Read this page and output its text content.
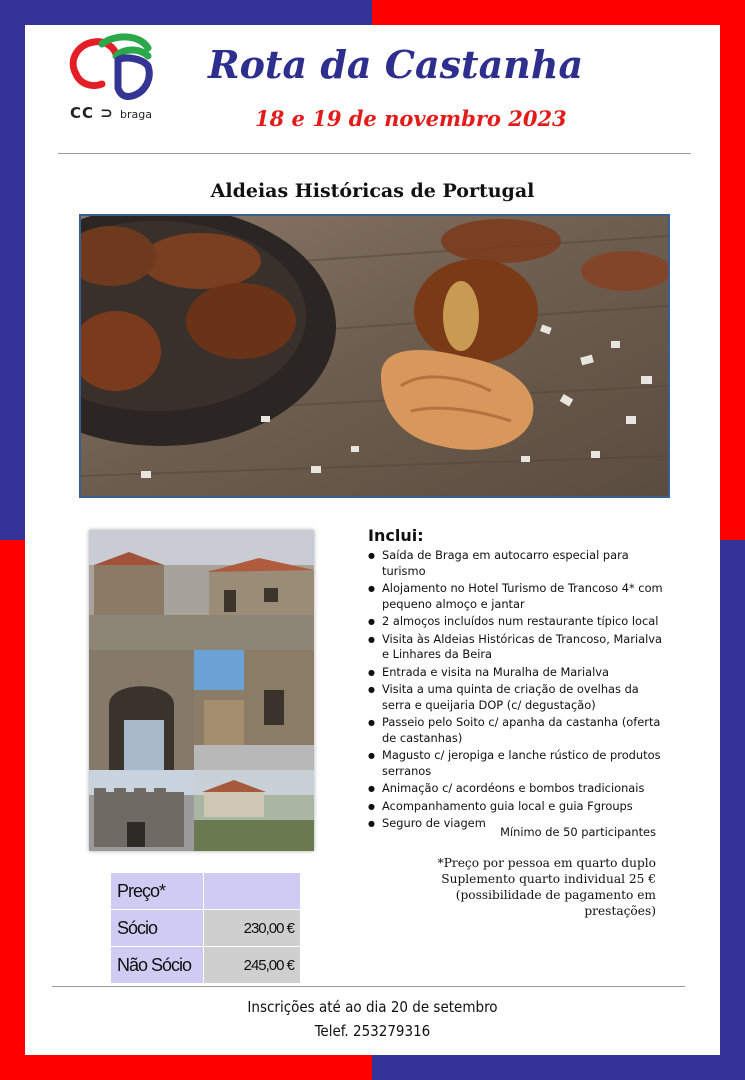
CC ⊃ braga
Rota da Castanha
18 e 19 de novembro 2023
Aldeias Históricas de Portugal
Inclui:
● Saída de Braga em autocarro especial para turismo
● Alojamento no Hotel Turismo de Trancoso 4* com pequeno almoço e jantar
● 2 almoços incluídos num restaurante típico local
● Visita às Aldeias Históricas de Trancoso, Marialva e Linhares da Beira
● Entrada e visita na Muralha de Marialva
● Visita a uma quinta de criação de ovelhas da serra e queijaria DOP (c/ degustação)
● Passeio pelo Soito c/ apanha da castanha (oferta de castanhas)
● Magusto c/ jeropiga e lanche rústico de produtos serranos
● Animação c/ acordéons e bombos tradicionais
● Acompanhamento guia local e guia Fgroups
● Seguro de viagem
Mínimo de 50 participantes
*Preço por pessoa em quarto duplo
Suplemento quarto individual 25 €
(possibilidade de pagamento em prestações)
Preço*	
Sócio	230,00 €
Não Sócio	245,00 €
Inscrições até ao dia 20 de setembro
Telef. 253279316
